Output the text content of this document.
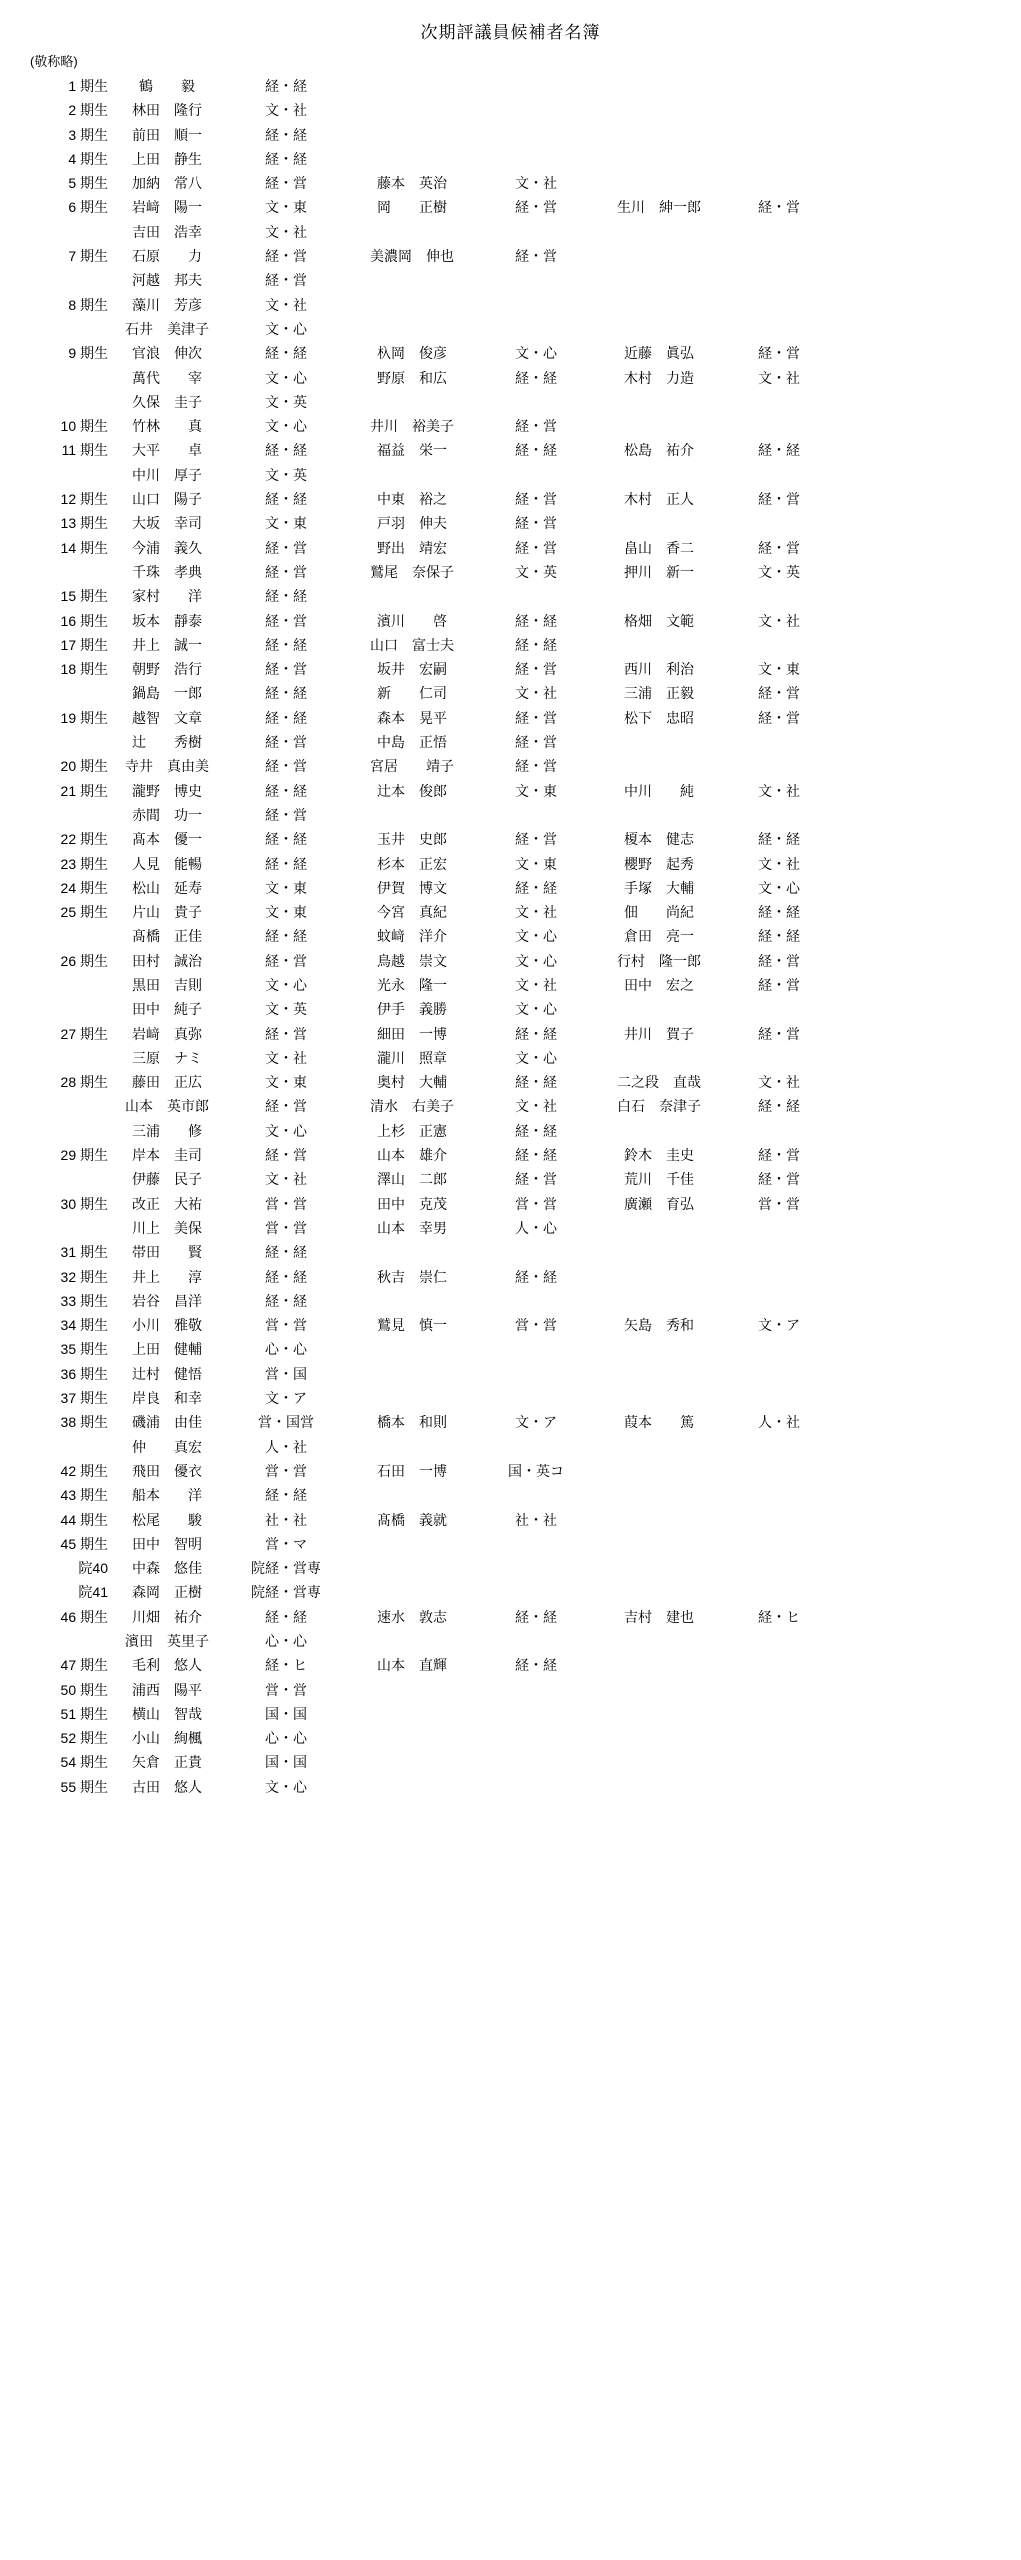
次期評議員候補者名簿
(敬称略)
1 期生	鶴　　毅	経・経				
2 期生	林田　隆行	文・社				
3 期生	前田　順一	経・経				
4 期生	上田　静生	経・経				
5 期生	加納　常八	経・営	藤本　英治	文・社		
6 期生	岩﨑　陽一	文・東	岡　　正樹	経・営	生川　紳一郎	経・営
	吉田　浩幸	文・社				
7 期生	石原　　力	経・営	美濃岡　伸也	経・営		
	河越　邦夫	経・営				
8 期生	藻川　芳彦	文・社				
	石井　美津子	文・心				
9 期生	官浪　伸次	経・経	杁岡　俊彦	文・心	近藤　眞弘	経・営
	萬代　　宰	文・心	野原　和広	経・経	木村　力造	文・社
	久保　圭子	文・英				
10 期生	竹林　　真	文・心	井川　裕美子	経・営		
11 期生	大平　　卓	経・経	福益　栄一	経・経	松島　祐介	経・経
	中川　厚子	文・英				
12 期生	山口　陽子	経・経	中東　裕之	経・営	木村　正人	経・営
13 期生	大坂　幸司	文・東	戸羽　伸夫	経・営		
14 期生	今浦　義久	経・営	野出　靖宏	経・営	畠山　香二	経・営
	千珠　孝典	経・営	鷲尾　奈保子	文・英	押川　新一	文・英
15 期生	家村　　洋	経・経				
16 期生	坂本　靜泰	経・営	濱川　　啓	経・経	格畑　文範	文・社
17 期生	井上　誠一	経・経	山口　富士夫	経・経		
18 期生	朝野　浩行	経・営	坂井　宏嗣	経・営	西川　利治	文・東
	鍋島　一郎	経・経	新　　仁司	文・社	三浦　正毅	経・営
19 期生	越智　文章	経・経	森本　晃平	経・営	松下　忠昭	経・営
	辻　　秀樹	経・営	中島　正悟	経・営		
20 期生	寺井　真由美	経・営	宮居　　靖子	経・営		
21 期生	瀧野　博史	経・経	辻本　俊郎	文・東	中川　　純	文・社
	赤間　功一	経・営				
22 期生	髙本　優一	経・経	玉井　史郎	経・営	榎本　健志	経・経
23 期生	人見　能暢	経・経	杉本　正宏	文・東	櫻野　起秀	文・社
24 期生	松山　延寿	文・東	伊賀　博文	経・経	手塚　大輔	文・心
25 期生	片山　貴子	文・東	今宮　真紀	文・社	佃　　尚紀	経・経
	髙橋　正佳	経・経	蚊﨑　洋介	文・心	倉田　亮一	経・経
26 期生	田村　誠治	経・営	鳥越　崇文	文・心	行村　隆一郎	経・営
	黒田　吉則	文・心	光永　隆一	文・社	田中　宏之	経・営
	田中　純子	文・英	伊手　義勝	文・心		
27 期生	岩﨑　真弥	経・営	細田　一博	経・経	井川　賀子	経・営
	三原　ナミ	文・社	瀧川　照章	文・心		
28 期生	藤田　正広	文・東	奥村　大輔	経・経	二之段　直哉	文・社
	山本　英市郎	経・営	清水　右美子	文・社	白石　奈津子	経・経
	三浦　　修	文・心	上杉　正憲	経・経		
29 期生	岸本　圭司	経・営	山本　雄介	経・経	鈴木　圭史	経・営
	伊藤　民子	文・社	澤山　二郎	経・営	荒川　千佳	経・営
30 期生	改正　大祐	営・営	田中　克茂	営・営	廣瀬　育弘	営・営
	川上　美保	営・営	山本　幸男	人・心		
31 期生	帯田　　賢	経・経				
32 期生	井上　　淳	経・経	秋吉　崇仁	経・経		
33 期生	岩谷　昌洋	経・経				
34 期生	小川　雅敬	営・営	鷲見　慎一	営・営	矢島　秀和	文・ア
35 期生	上田　健輔	心・心				
36 期生	辻村　健悟	営・国				
37 期生	岸良　和幸	文・ア				
38 期生	磯浦　由佳	営・国営	橋本　和則	文・ア	葭本　　篤	人・社
	仲　　真宏	人・社				
42 期生	飛田　優衣	営・営	石田　一博	国・英コ		
43 期生	船本　　洋	経・経				
44 期生	松尾　　駿	社・社	髙橋　義就	社・社		
45 期生	田中　智明	営・マ				
院40	中森　悠佳	院経・営専				
院41	森岡　正樹	院経・営専				
46 期生	川畑　祐介	経・経	速水　敦志	経・経	吉村　建也	経・ヒ
	濱田　英里子	心・心				
47 期生	毛利　悠人	経・ヒ	山本　直輝	経・経		
50 期生	浦西　陽平	営・営				
51 期生	横山　智哉	国・国				
52 期生	小山　絢楓	心・心				
54 期生	矢倉　正貴	国・国				
55 期生	古田　悠人	文・心				
